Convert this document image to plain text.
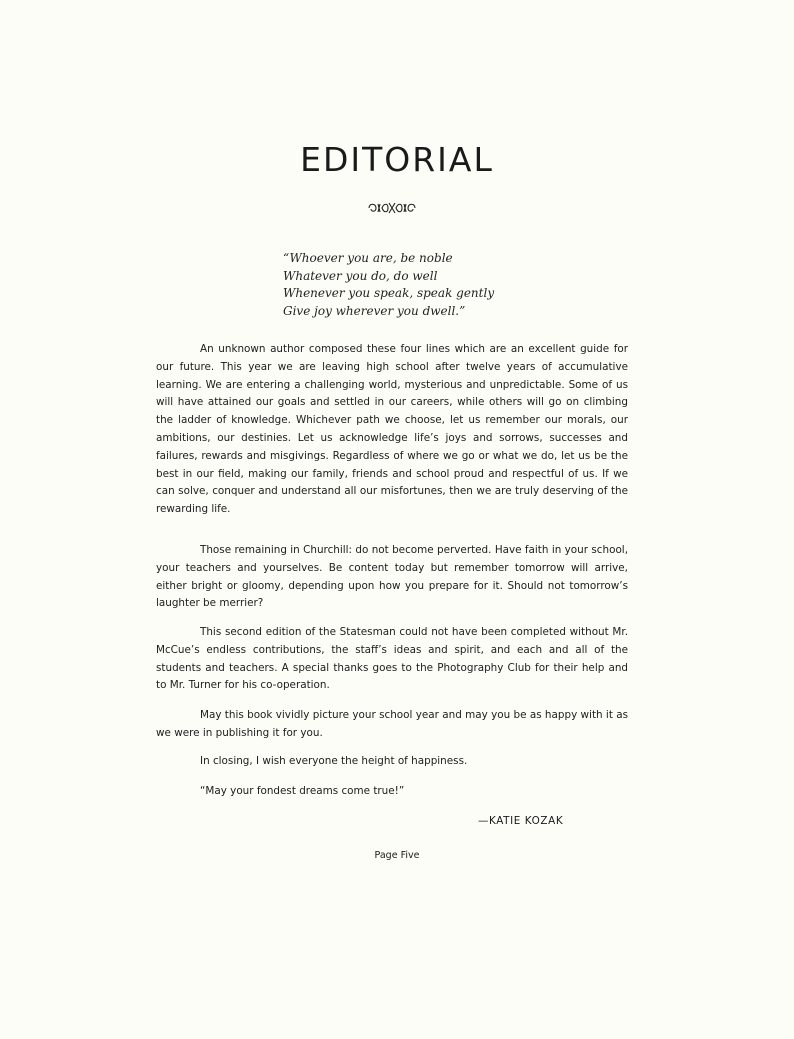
EDITORIAL
“Whoever you are, be noble
Whatever you do, do well
Whenever you speak, speak gently
Give joy wherever you dwell.”

An unknown author composed these four lines which are an excellent guide for our future. This year we are leaving high school after twelve years of accumulative learning. We are entering a challenging world, mysterious and unpredictable. Some of us will have attained our goals and settled in our careers, while others will go on climbing the ladder of knowledge. Whichever path we choose, let us remember our morals, our ambitions, our destinies. Let us acknowledge life’s joys and sorrows, successes and failures, rewards and misgivings. Regardless of where we go or what we do, let us be the best in our field, making our family, friends and school proud and respectful of us. If we can solve, conquer and understand all our misfortunes, then we are truly deserving of the rewarding life.

Those remaining in Churchill: do not become perverted. Have faith in your school, your teachers and yourselves. Be content today but remember tomorrow will arrive, either bright or gloomy, depending upon how you prepare for it. Should not tomorrow’s laughter be merrier?

This second edition of the Statesman could not have been completed without Mr. McCue’s endless contributions, the staff’s ideas and spirit, and each and all of the students and teachers. A special thanks goes to the Photography Club for their help and to Mr. Turner for his co-operation.

May this book vividly picture your school year and may you be as happy with it as we were in publishing it for you.

In closing, I wish everyone the height of happiness.

“May your fondest dreams come true!”

—KATIE KOZAK

Page Five
